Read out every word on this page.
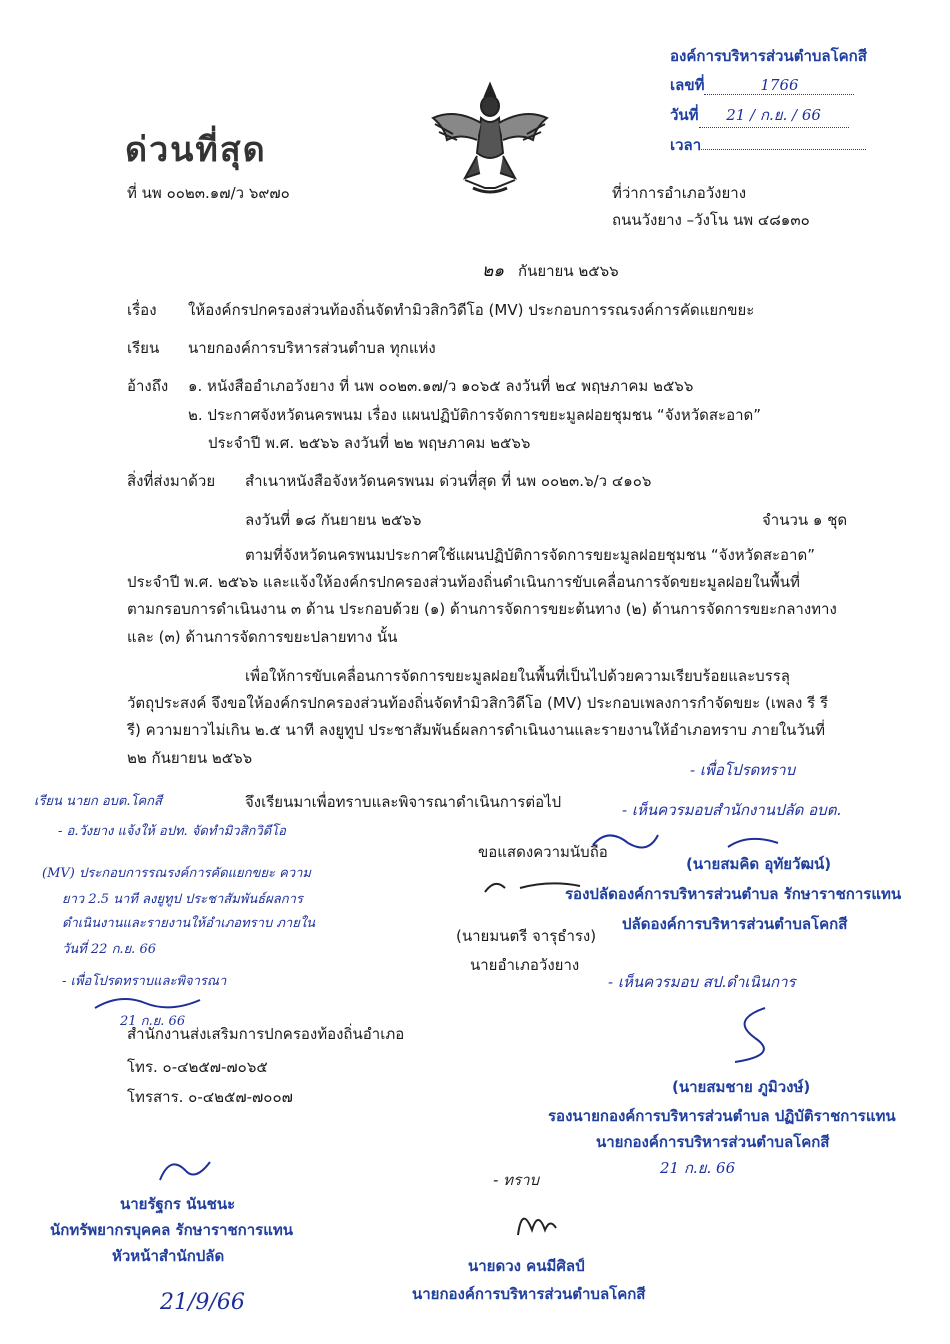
องค์การบริหารส่วนตำบลโคกสี
เลขที่	1766
วันที่ 21 / ก.ย. / 66
เวลา
ด่วนที่สุด
ที่ นพ ๐๐๒๓.๑๗/ว ๖๙๗๐	ที่ว่าการอำเภอวังยาง
ถนนวังยาง –วังโน นพ ๔๘๑๓๐
๒๑ กันยายน ๒๕๖๖
เรื่อง ให้องค์กรปกครองส่วนท้องถิ่นจัดทำมิวสิกวิดีโอ (MV) ประกอบการรณรงค์การคัดแยกขยะ
เรียน นายกองค์การบริหารส่วนตำบล ทุกแห่ง
อ้างถึง ๑. หนังสืออำเภอวังยาง ที่ นพ ๐๐๒๓.๑๗/ว ๑๐๖๕ ลงวันที่ ๒๔ พฤษภาคม ๒๕๖๖
๒. ประกาศจังหวัดนครพนม เรื่อง แผนปฏิบัติการจัดการขยะมูลฝอยชุมชน “จังหวัดสะอาด”
ประจำปี พ.ศ. ๒๕๖๖ ลงวันที่ ๒๒ พฤษภาคม ๒๕๖๖
สิ่งที่ส่งมาด้วย สำเนาหนังสือจังหวัดนครพนม ด่วนที่สุด ที่ นพ ๐๐๒๓.๖/ว ๔๑๐๖
ลงวันที่ ๑๘ กันยายน ๒๕๖๖	จำนวน ๑ ชุด
ตามที่จังหวัดนครพนมประกาศใช้แผนปฏิบัติการจัดการขยะมูลฝอยชุมชน “จังหวัดสะอาด”
ประจำปี พ.ศ. ๒๕๖๖ และแจ้งให้องค์กรปกครองส่วนท้องถิ่นดำเนินการขับเคลื่อนการจัดขยะมูลฝอยในพื้นที่
ตามกรอบการดำเนินงาน ๓ ด้าน ประกอบด้วย (๑) ด้านการจัดการขยะต้นทาง (๒) ด้านการจัดการขยะกลางทาง
และ (๓) ด้านการจัดการขยะปลายทาง นั้น
เพื่อให้การขับเคลื่อนการจัดการขยะมูลฝอยในพื้นที่เป็นไปด้วยความเรียบร้อยและบรรลุ
วัตถุประสงค์ จึงขอให้องค์กรปกครองส่วนท้องถิ่นจัดทำมิวสิกวิดีโอ (MV) ประกอบเพลงการกำจัดขยะ (เพลง รี รี
รี) ความยาวไม่เกิน ๒.๕ นาที ลงยูทูป ประชาสัมพันธ์ผลการดำเนินงานและรายงานให้อำเภอทราบ ภายในวันที่
๒๒ กันยายน ๒๕๖๖
จึงเรียนมาเพื่อทราบและพิจารณาดำเนินการต่อไป
เรียน นายก อบต.โคกสี
- อ.วังยาง แจ้งให้ อปท. จัดทำมิวสิกวิดีโอ
(MV) ประกอบการรณรงค์การคัดแยกขยะ ความ
ยาว 2.5 นาที ลงยูทูป ประชาสัมพันธ์ผลการ
ดำเนินงานและรายงานให้อำเภอทราบ ภายใน
วันที่ 22 ก.ย. 66
- เพื่อโปรดทราบและพิจารณา
21 ก.ย. 66
ขอแสดงความนับถือ
(นายมนตรี จารุธำรง)
นายอำเภอวังยาง
- เพื่อโปรดทราบ
- เห็นควรมอบสำนักงานปลัด อบต.
(นายสมคิด อุทัยวัฒน์)
รองปลัดองค์การบริหารส่วนตำบล รักษาราชการแทน
ปลัดองค์การบริหารส่วนตำบลโคกสี
- เห็นควรมอบ สป.ดำเนินการ
(นายสมชาย ภูมิวงษ์)
รองนายกองค์การบริหารส่วนตำบล ปฏิบัติราชการแทน
นายกองค์การบริหารส่วนตำบลโคกสี
21 ก.ย. 66
สำนักงานส่งเสริมการปกครองท้องถิ่นอำเภอ
โทร. ๐-๔๒๕๗-๗๐๖๕
โทรสาร. ๐-๔๒๕๗-๗๐๐๗
นายรัฐกร นันชนะ
นักทรัพยากรบุคคล รักษาราชการแทน
หัวหน้าสำนักปลัด
21/9/66
- ทราบ
นายดวง คนมีศิลป์
นายกองค์การบริหารส่วนตำบลโคกสี
